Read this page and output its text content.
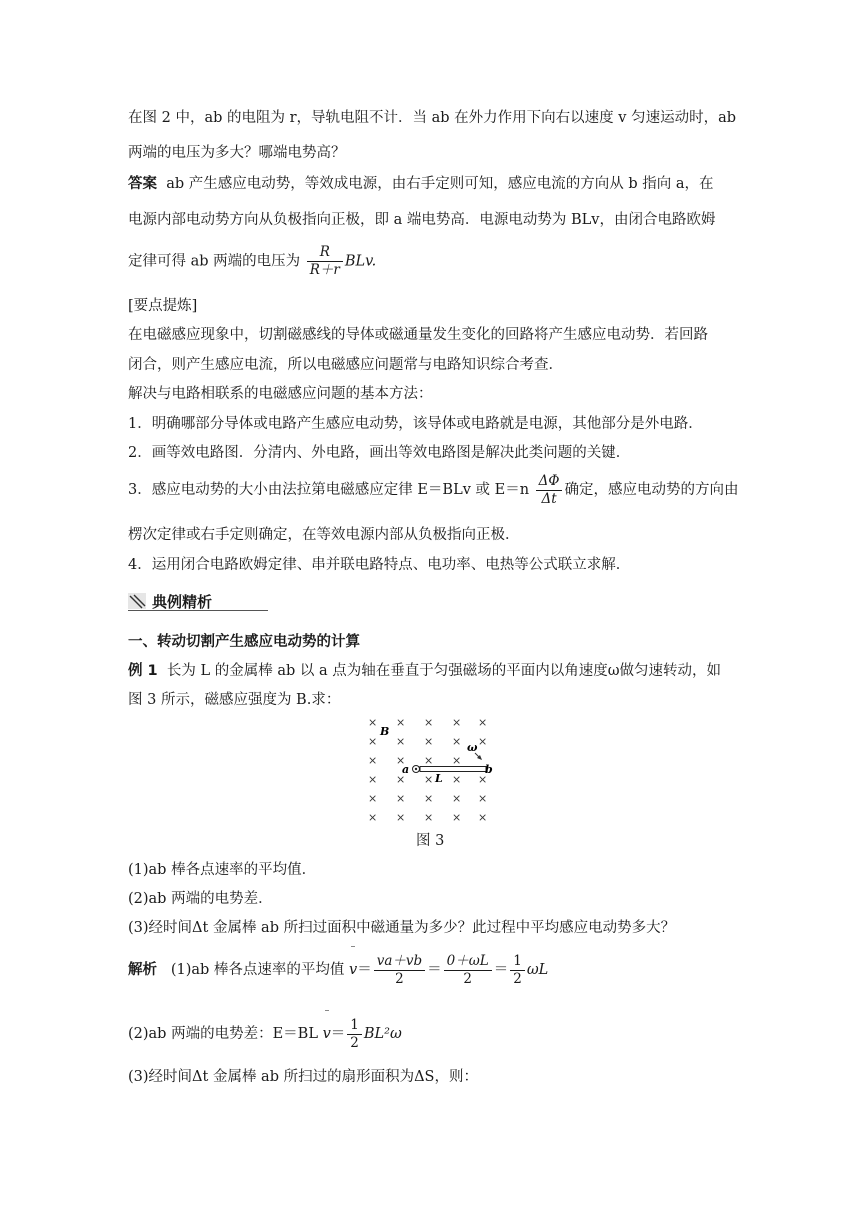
在图 2 中，ab 的电阻为 r，导轨电阻不计．当 ab 在外力作用下向右以速度 v 匀速运动时，ab
两端的电压为多大？哪端电势高？
答案 ab 产生感应电动势，等效成电源，由右手定则可知，感应电流的方向从 b 指向 a，在
电源内部电动势方向从负极指向正极，即 a 端电势高．电源电动势为 BLv，由闭合电路欧姆
定律可得 ab 两端的电压为 $\frac{R}{R+r}$ BLv.
[要点提炼]
在电磁感应现象中，切割磁感线的导体或磁通量发生变化的回路将产生感应电动势．若回路
闭合，则产生感应电流，所以电磁感应问题常与电路知识综合考查．
解决与电路相联系的电磁感应问题的基本方法：
1．明确哪部分导体或电路产生感应电动势，该导体或电路就是电源，其他部分是外电路．
2．画等效电路图．分清内、外电路，画出等效电路图是解决此类问题的关键．
3．感应电动势的大小由法拉第电磁感应定律 E＝BLv 或 $E=n \frac{\Delta\Phi}{\Delta t}$ 确定，感应电动势的方向由
楞次定律或右手定则确定，在等效电源内部从负极指向正极．
4．运用闭合电路欧姆定律、串并联电路特点、电功率、电热等公式联立求解．
典例精析
一、转动切割产生感应电动势的计算
例 1 长为 L 的金属棒 ab 以 a 点为轴在垂直于匀强磁场的平面内以角速度ω做匀速转动，如
图 3 所示，磁感应强度为 B.求：
× × × × ×
× × × × ×
×
× × × × ×
× × × × ×
× × × × ×
× × ×
B
ω
a	b
L
图 3
(1)ab 棒各点速率的平均值．
(2)ab 两端的电势差．
(3)经时间Δt 金属棒 ab 所扫过面积中磁通量为多少？此过程中平均感应电动势多大？
解析 (1)ab 棒各点速率的平均值 $v= \frac{va+vb}{2} = \frac{0+\omega L}{2} = \frac{1}{2}$ ωL
(2)ab 两端的电势差：E＝BL $v= \frac{1}{2} BL^2\omega$
(3)经时间Δt 金属棒 ab 所扫过的扇形面积为ΔS，则：
